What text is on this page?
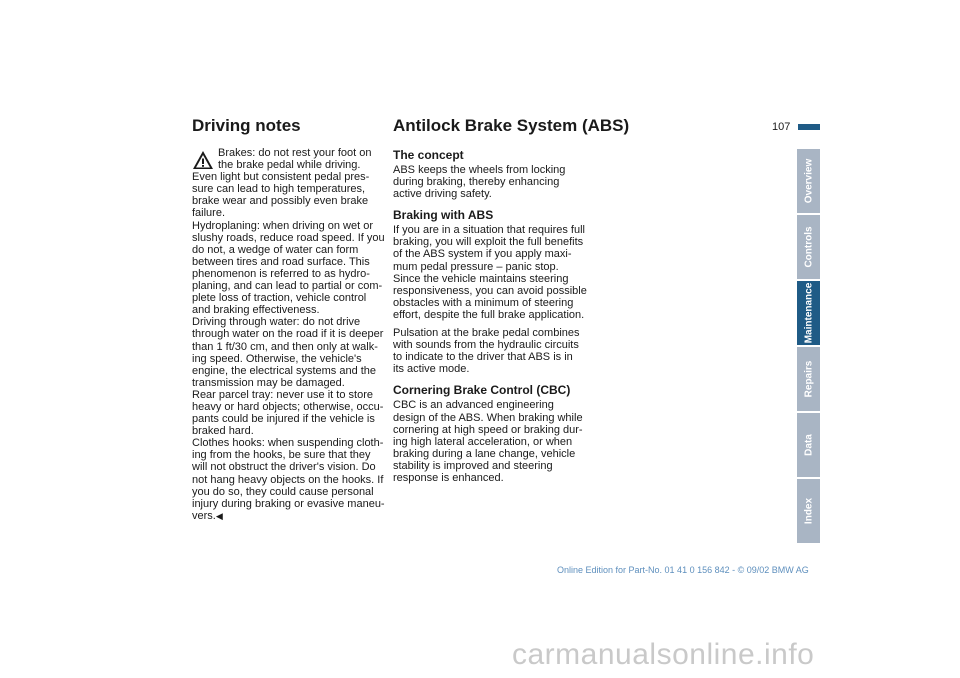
Driving notes	Antilock Brake System (ABS)	107
Brakes: do not rest your foot on
the brake pedal while driving.
Even light but consistent pedal pres-
sure can lead to high temperatures,
brake wear and possibly even brake
failure.
Hydroplaning: when driving on wet or
slushy roads, reduce road speed. If you
do not, a wedge of water can form
between tires and road surface. This
phenomenon is referred to as hydro-
planing, and can lead to partial or com-
plete loss of traction, vehicle control
and braking effectiveness.
Driving through water: do not drive
through water on the road if it is deeper
than 1 ft/30 cm, and then only at walk-
ing speed. Otherwise, the vehicle's
engine, the electrical systems and the
transmission may be damaged.
Rear parcel tray: never use it to store
heavy or hard objects; otherwise, occu-
pants could be injured if the vehicle is
braked hard.
Clothes hooks: when suspending cloth-
ing from the hooks, be sure that they
will not obstruct the driver's vision. Do
not hang heavy objects on the hooks. If
you do so, they could cause personal
injury during braking or evasive maneu-
vers.◀
The concept
ABS keeps the wheels from locking
during braking, thereby enhancing
active driving safety.
Braking with ABS
If you are in a situation that requires full
braking, you will exploit the full benefits
of the ABS system if you apply maxi-
mum pedal pressure – panic stop.
Since the vehicle maintains steering
responsiveness, you can avoid possible
obstacles with a minimum of steering
effort, despite the full brake application.
Pulsation at the brake pedal combines
with sounds from the hydraulic circuits
to indicate to the driver that ABS is in
its active mode.
Cornering Brake Control (CBC)
CBC is an advanced engineering
design of the ABS. When braking while
cornering at high speed or braking dur-
ing high lateral acceleration, or when
braking during a lane change, vehicle
stability is improved and steering
response is enhanced.
Overview
Controls
Maintenance
Repairs
Data
Index
Online Edition for Part-No. 01 41 0 156 842 - © 09/02 BMW AG
carmanualsonline.info
